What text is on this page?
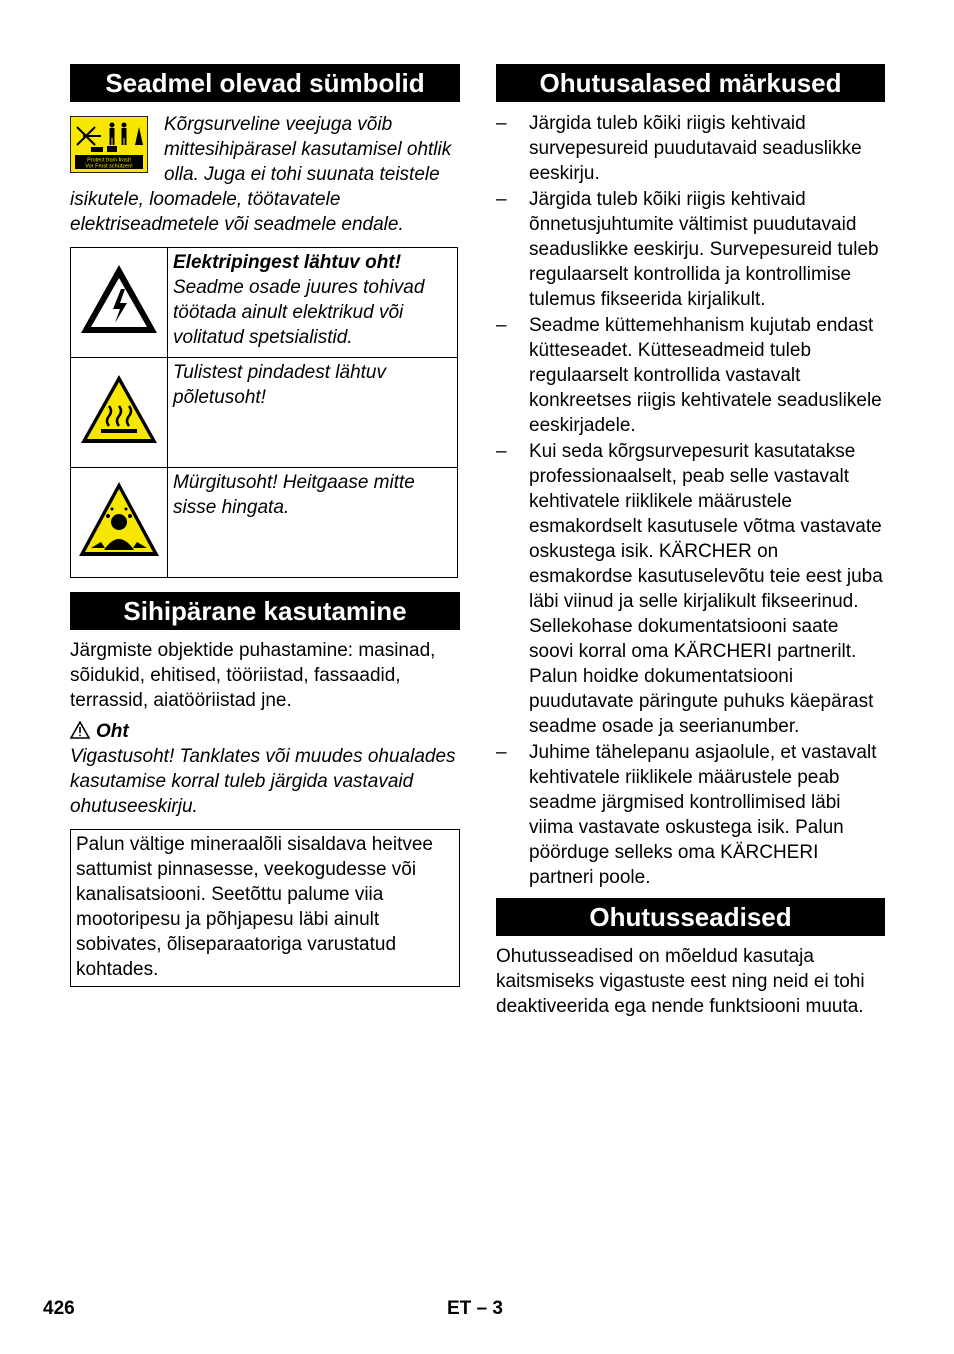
Seadmel olevad sümbolid
Protect from frost!
Vor Frost schützen!

Kõrgsurveline veejuga võib mittesihipärasel kasutamisel ohtlik olla. Juga ei tohi suunata teistele isikutele, loomadele, töötavatele elektriseadmetele või seadmele endale.

Elektripingest lähtuv oht!
Seadme osade juures tohivad töötada ainult elektrikud või volitatud spetsialistid.

Tulistest pindadest lähtuv põletusoht!

Mürgitusoht! Heitgaase mitte sisse hingata.
Sihipärane kasutamine

Järgmiste objektide puhastamine: masinad, sõidukid, ehitised, tööriistad, fassaadid, terrassid, aiatööriistad jne.

Oht

Vigastusoht! Tanklates või muudes ohualades kasutamise korral tuleb järgida vastavaid ohutuseeskirju.

Palun vältige mineraalõli sisaldava heitvee sattumist pinnasesse, veekogudesse või kanalisatsiooni. Seetõttu palume viia mootoripesu ja põhjapesu läbi ainult sobivates, õliseparaatoriga varustatud kohtades.
Ohutusalased märkused
– Järgida tuleb kõiki riigis kehtivaid survepesureid puudutavaid seaduslikke eeskirju.
– Järgida tuleb kõiki riigis kehtivaid õnnetusjuhtumite vältimist puudutavaid seaduslikke eeskirju. Survepesureid tuleb regulaarselt kontrollida ja kontrollimise tulemus fikseerida kirjalikult.
– Seadme küttemehhanism kujutab endast kütteseadet. Kütteseadmeid tuleb regulaarselt kontrollida vastavalt konkreetses riigis kehtivatele seaduslikele eeskirjadele.
– Kui seda kõrgsurvepesurit kasutatakse professionaalselt, peab selle vastavalt kehtivatele riiklikele määrustele esmakordselt kasutusele võtma vastavate oskustega isik. KÄRCHER on esmakordse kasutuselevõtu teie eest juba läbi viinud ja selle kirjalikult fikseerinud. Sellekohase dokumentatsiooni saate soovi korral oma KÄRCHERI partnerilt. Palun hoidke dokumentatsiooni puudutavate päringute puhuks käepärast seadme osade ja seerianumber.
– Juhime tähelepanu asjaolule, et vastavalt kehtivatele riiklikele määrustele peab seadme järgmised kontrollimised läbi viima vastavate oskustega isik. Palun pöörduge selleks oma KÄRCHERI partneri poole.
Ohutusseadised

Ohutusseadised on mõeldud kasutaja kaitsmiseks vigastuste eest ning neid ei tohi deaktiveerida ega nende funktsiooni muuta.

426	ET – 3
